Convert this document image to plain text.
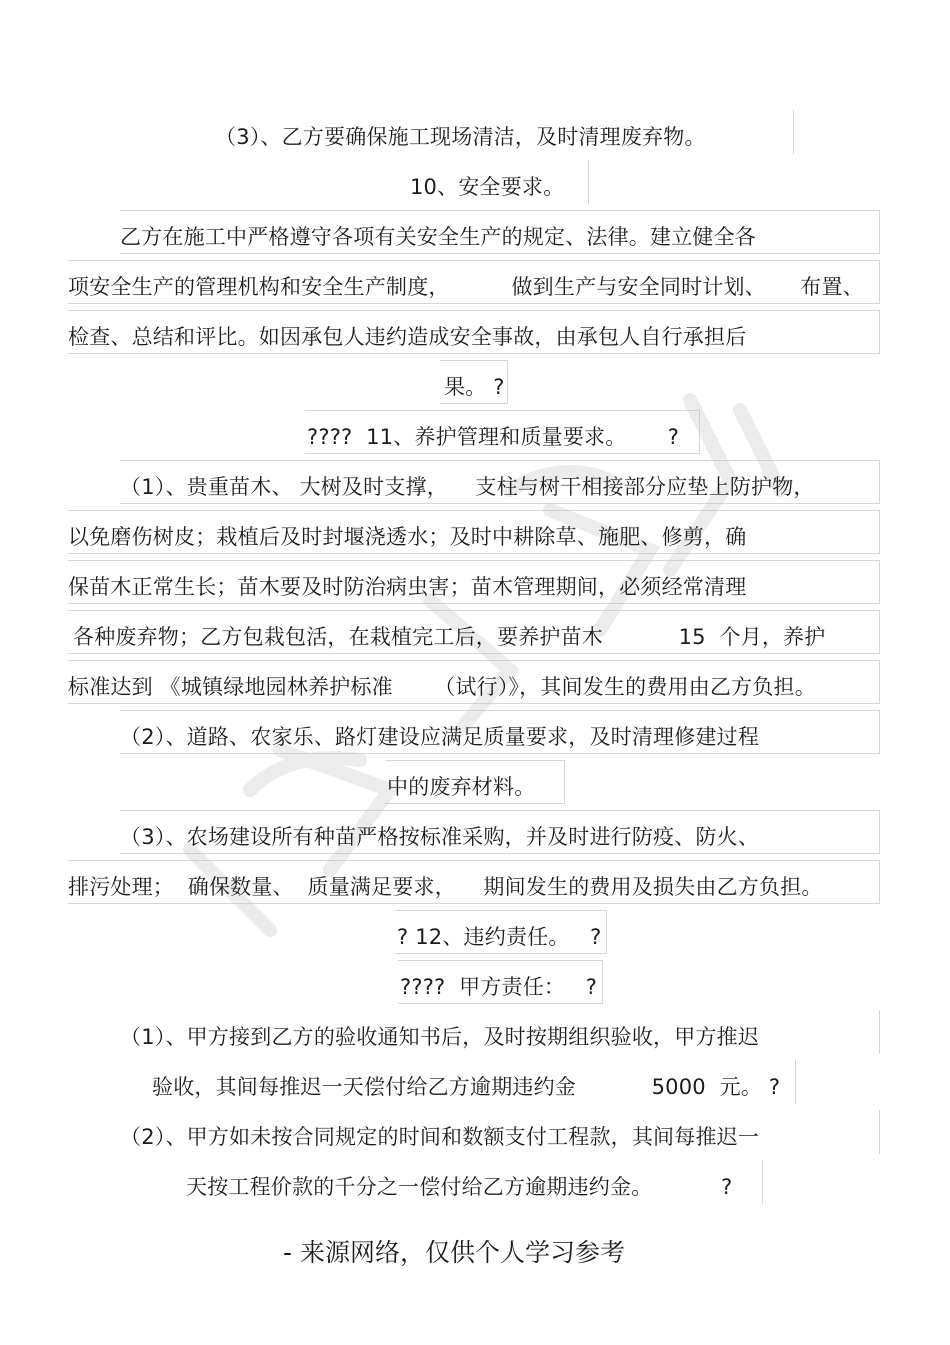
（3）、乙方要确保施工现场清洁，及时清理废弃物。
10、安全要求。
乙方在施工中严格遵守各项有关安全生产的规定、法律。建立健全各
项安全生产的管理机构和安全生产制度，         做到生产与安全同时计划、     布置、
检查、总结和评比。如因承包人违约造成安全事故，由承包人自行承担后
果。 ?
????  11、养护管理和质量要求。      ?
（1）、贵重苗木、 大树及时支撑，    支柱与树干相接部分应垫上防护物，
以免磨伤树皮；栽植后及时封堰浇透水；及时中耕除草、施肥、修剪，确
保苗木正常生长；苗木要及时防治病虫害；苗木管理期间，必须经常清理
各种废弃物；乙方包栽包活，在栽植完工后，要养护苗木           15  个月，养护
标准达到 《城镇绿地园林养护标准      （试行）》，其间发生的费用由乙方负担。
（2）、道路、农家乐、路灯建设应满足质量要求，及时清理修建过程
中的废弃材料。
（3）、农场建设所有种苗严格按标准采购，并及时进行防疫、防火、
排污处理；  确保数量、  质量满足要求，    期间发生的费用及损失由乙方负担。
? 12、违约责任。   ?
????  甲方责任：   ?
（1）、甲方接到乙方的验收通知书后，及时按期组织验收，甲方推迟
验收，其间每推迟一天偿付给乙方逾期违约金           5000  元。 ?
（2）、甲方如未按合同规定的时间和数额支付工程款，其间每推迟一
天按工程价款的千分之一偿付给乙方逾期违约金。          ?
- 来源网络，仅供个人学习参考
